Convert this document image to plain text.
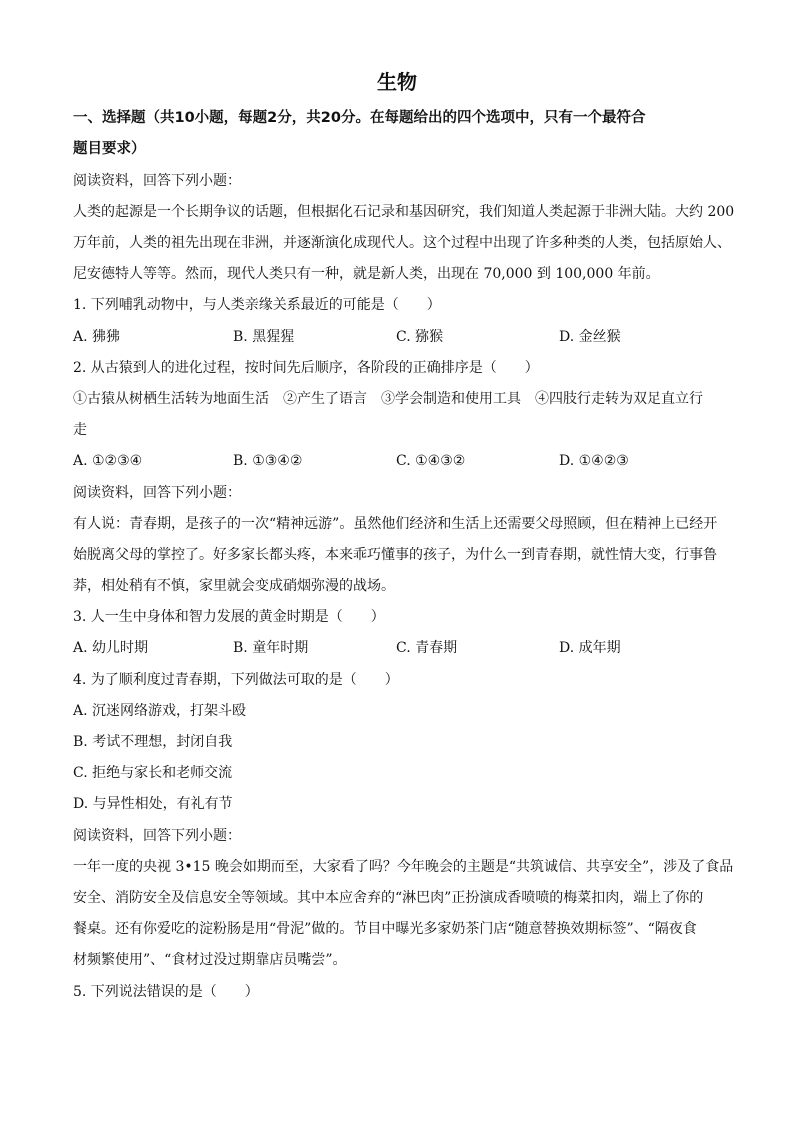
生物
一、选择题（共10小题，每题2分，共20分。在每题给出的四个选项中，只有一个最符合
题目要求）
阅读资料，回答下列小题：
人类的起源是一个长期争议的话题，但根据化石记录和基因研究，我们知道人类起源于非洲大陆。大约 200
万年前，人类的祖先出现在非洲，并逐渐演化成现代人。这个过程中出现了许多种类的人类，包括原始人、
尼安德特人等等。然而，现代人类只有一种，就是新人类，出现在 70,000 到 100,000 年前。
1. 下列哺乳动物中，与人类亲缘关系最近的可能是（　　）
A. 狒狒	B. 黑猩猩	C. 猕猴	D. 金丝猴
2. 从古猿到人的进化过程，按时间先后顺序，各阶段的正确排序是（　　）
①古猿从树栖生活转为地面生活　②产生了语言　③学会制造和使用工具　④四肢行走转为双足直立行
走
A. ①②③④	B. ①③④②	C. ①④③②	D. ①④②③
阅读资料，回答下列小题：
有人说：青春期，是孩子的一次“精神远游”。虽然他们经济和生活上还需要父母照顾，但在精神上已经开
始脱离父母的掌控了。好多家长都头疼，本来乖巧懂事的孩子，为什么一到青春期，就性情大变，行事鲁
莽，相处稍有不慎，家里就会变成硝烟弥漫的战场。
3. 人一生中身体和智力发展的黄金时期是（　　）
A. 幼儿时期	B. 童年时期	C. 青春期	D. 成年期
4. 为了顺利度过青春期，下列做法可取的是（　　）
A. 沉迷网络游戏，打架斗殴
B. 考试不理想，封闭自我
C. 拒绝与家长和老师交流
D. 与异性相处，有礼有节
阅读资料，回答下列小题：
一年一度的央视 3•15 晚会如期而至，大家看了吗？今年晚会的主题是“共筑诚信、共享安全”，涉及了食品
安全、消防安全及信息安全等领域。其中本应舍弃的“淋巴肉”正扮演成香喷喷的梅菜扣肉，端上了你的
餐桌。还有你爱吃的淀粉肠是用“骨泥”做的。节目中曝光多家奶茶门店“随意替换效期标签”、“隔夜食
材频繁使用”、“食材过没过期靠店员嘴尝”。
5. 下列说法错误的是（　　）
